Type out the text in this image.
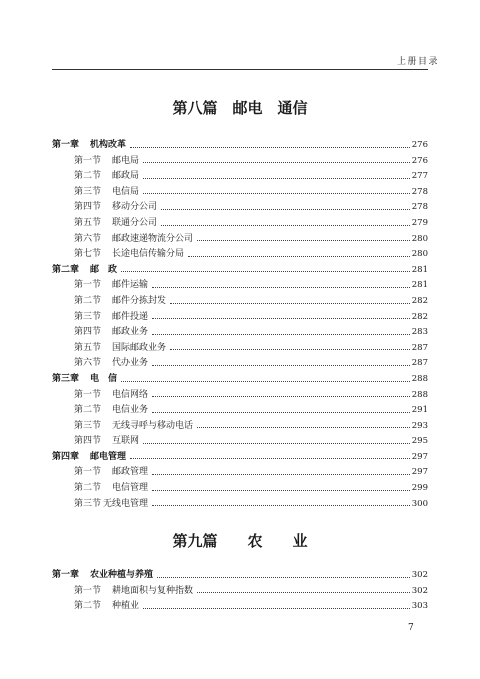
上册目录
第八篇　邮电　通信
第一章	机构改革	276
第一节	邮电局	276
第二节	邮政局	277
第三节	电信局	278
第四节	移动分公司	278
第五节	联通分公司	279
第六节	邮政速递物流分公司	280
第七节	长途电信传输分局	280
第二章	邮　政	281
第一节	邮件运输	281
第二节	邮件分拣封发	282
第三节	邮件投递	282
第四节	邮政业务	283
第五节	国际邮政业务	287
第六节	代办业务	287
第三章	电　信	288
第一节	电信网络	288
第二节	电信业务	291
第三节	无线寻呼与移动电话	293
第四节	互联网	295
第四章	邮电管理	297
第一节	邮政管理	297
第二节	电信管理	299
第三节 无线电管理	300
第九篇　　农　　业
第一章	农业种植与养殖	302
第一节	耕地面积与复种指数	302
第二节	种植业	303
7
